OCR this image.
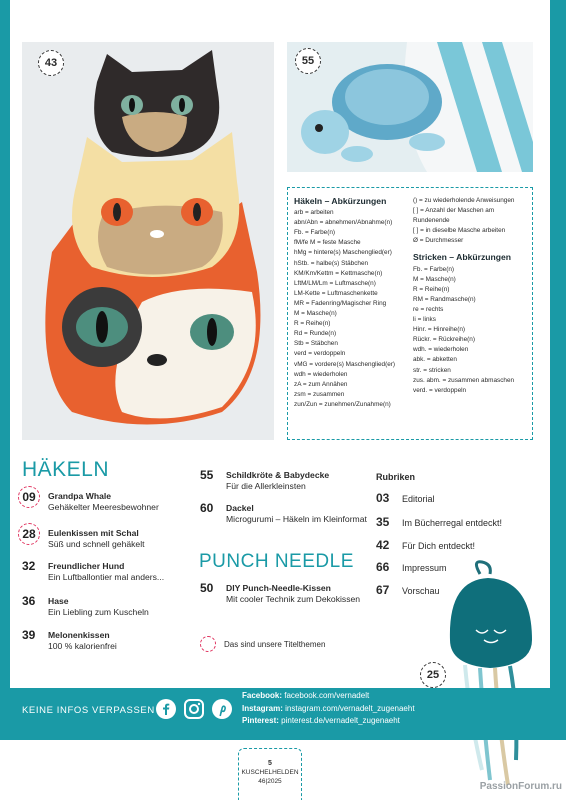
43	55
Häkeln – Abkürzungen
arb = arbeiten
abn/Abn = abnehmen/Abnahme(n)
Fb. = Farbe(n)
fM/fe M = feste Masche
hMg = hintere(s) Maschenglied(er)
hStb. = halbe(s) Stäbchen
KM/Km/Kettm = Kettmasche(n)
LftM/LM/Lm = Luftmasche(n)
LM-Kette = Luftmaschenkette
MR = Fadenring/Magischer Ring
M = Masche(n)
R = Reihe(n)
Rd = Runde(n)
Stb = Stäbchen
verd = verdoppeln
vMG = vordere(s) Maschenglied(er)
wdh = wiederholen
zA = zum Annähen
zsm = zusammen
zun/Zun = zunehmen/Zunahme(n)
() = zu wiederholende Anweisungen
[ ] = Anzahl der Maschen am Rundenende
[ ] = in dieselbe Masche arbeiten
Ø = Durchmesser
Stricken – Abkürzungen
Fb. = Farbe(n)
M = Masche(n)
R = Reihe(n)
RM = Randmasche(n)
re = rechts
li = links
Hinr. = Hinreihe(n)
Rückr. = Rückreihe(n)
wdh. = wiederholen
abk. = abketten
str. = stricken
zus. abm. = zusammen abmaschen
verd. = verdoppeln
HÄKELN
09	Grandpa Whale
Gehäkelter Meeresbewohner
28	Eulenkissen mit Schal
Süß und schnell gehäkelt
32 Freundlicher Hund
Ein Luftballontier mal anders...
36 Hase
Ein Liebling zum Kuscheln
39 Melonenkissen
100 % kalorienfrei
55 Schildkröte & Babydecke
Für die Allerkleinsten
60 Dackel
Microgurumi – Häkeln im Kleinformat
PUNCH NEEDLE
50 DIY Punch-Needle-Kissen
Mit cooler Technik zum Dekokissen
Das sind unsere Titelthemen
Rubriken
03 Editorial
35 Im Bücherregal entdeckt!
42 Für Dich entdeckt!
66 Impressum
67 Vorschau
25
KEINE INFOS VERPASSEN
Facebook: facebook.com/vernadelt
Instagram: instagram.com/vernadelt_zugenaeht
Pinterest: pinterest.de/vernadelt_zugenaeht
5
KUSCHELHELDEN
46|2025	PassionForum.ru
